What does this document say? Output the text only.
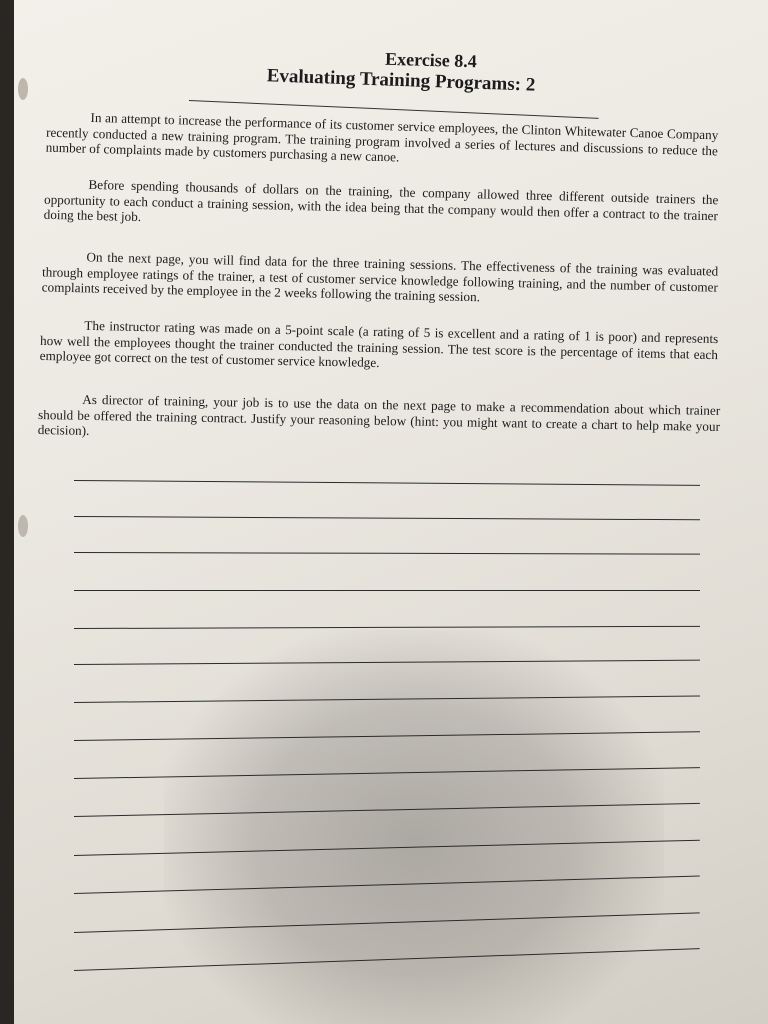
Exercise 8.4
Evaluating Training Programs: 2

In an attempt to increase the performance of its customer service employees, the Clinton Whitewater Canoe Company recently conducted a new training program. The training program involved a series of lectures and discussions to reduce the number of complaints made by customers purchasing a new canoe.

Before spending thousands of dollars on the training, the company allowed three different outside trainers the opportunity to each conduct a training session, with the idea being that the company would then offer a contract to the trainer doing the best job.

On the next page, you will find data for the three training sessions. The effectiveness of the training was evaluated through employee ratings of the trainer, a test of customer service knowledge following training, and the number of customer complaints received by the employee in the 2 weeks following the training session.

The instructor rating was made on a 5-point scale (a rating of 5 is excellent and a rating of 1 is poor) and represents how well the employees thought the trainer conducted the training session. The test score is the percentage of items that each employee got correct on the test of customer service knowledge.

As director of training, your job is to use the data on the next page to make a recommendation about which trainer should be offered the training contract. Justify your reasoning below (hint: you might want to create a chart to help make your decision).
